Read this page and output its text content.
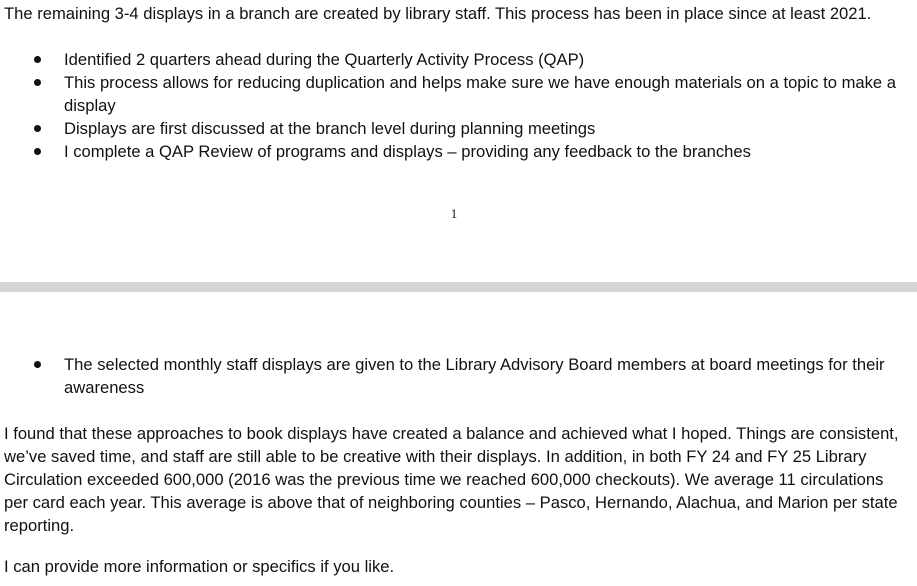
The remaining 3-4 displays in a branch are created by library staff. This process has been in place since at least 2021.

Identified 2 quarters ahead during the Quarterly Activity Process (QAP)
This process allows for reducing duplication and helps make sure we have enough materials on a topic to make a display
Displays are first discussed at the branch level during planning meetings
I complete a QAP Review of programs and displays – providing any feedback to the branches
1
The selected monthly staff displays are given to the Library Advisory Board members at board meetings for their awareness

I found that these approaches to book displays have created a balance and achieved what I hoped. Things are consistent, we’ve saved time, and staff are still able to be creative with their displays. In addition, in both FY 24 and FY 25 Library Circulation exceeded 600,000 (2016 was the previous time we reached 600,000 checkouts). We average 11 circulations per card each year. This average is above that of neighboring counties – Pasco, Hernando, Alachua, and Marion per state reporting.

I can provide more information or specifics if you like.
